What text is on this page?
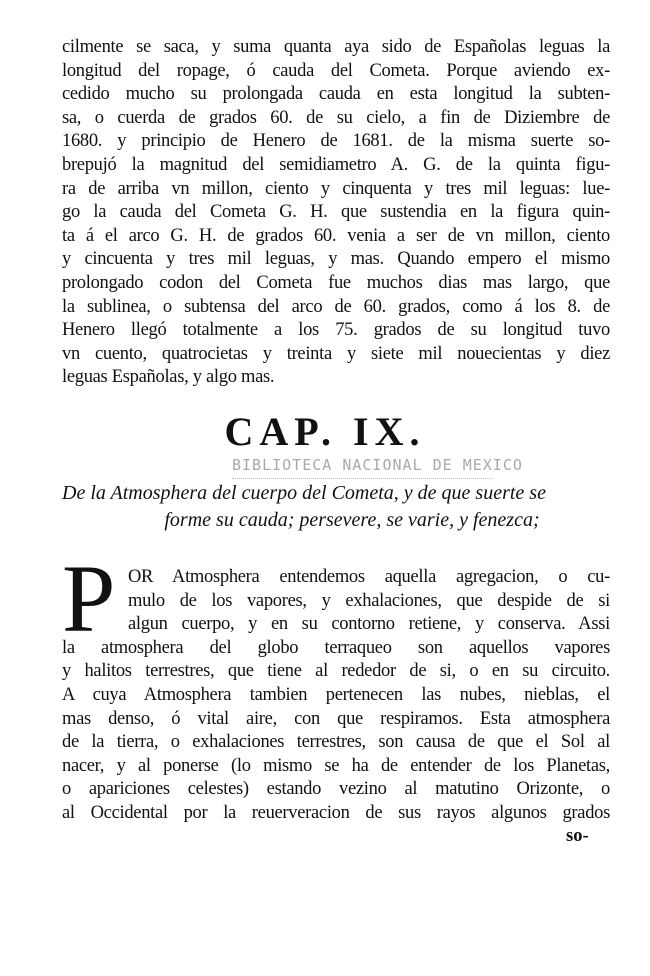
cilmente se saca, y suma quanta aya sido de Españolas leguas la
longitud del ropage, ó cauda del Cometa. Porque aviendo ex-
cedido mucho su prolongada cauda en esta longitud la subten-
sa, o cuerda de grados 60. de su cielo, a fin de Diziembre de
1680. y principio de Henero de 1681. de la misma suerte so-
brepujó la magnitud del semidiametro A. G. de la quinta figu-
ra de arriba vn millon, ciento y cinquenta y tres mil leguas: lue-
go la cauda del Cometa G. H. que sustendia en la figura quin-
ta á el arco G. H. de grados 60. venia a ser de vn millon, ciento
y cincuenta y tres mil leguas, y mas. Quando empero el mismo
prolongado codon del Cometa fue muchos dias mas largo, que
la sublinea, o subtensa del arco de 60. grados, como á los 8. de
Henero llegó totalmente a los 75. grados de su longitud tuvo
vn cuento, quatrocietas y treinta y siete mil nouecientas y diez
leguas Españolas, y algo mas.
CAP. IX.
BIBLIOTECA NACIONAL DE MEXICO
De la Atmosphera del cuerpo del Cometa, y de que suerte se
forme su cauda; persevere, se varie, y fenezca;
P OR Atmosphera entendemos aquella agregacion, o cu-
mulo de los vapores, y exhalaciones, que despide de si
algun cuerpo, y en su contorno retiene, y conserva. Assi
la atmosphera del globo terraqueo son aquellos vapores
y halitos terrestres, que tiene al rededor de si, o en su circuito.
A cuya Atmosphera tambien pertenecen las nubes, nieblas, el
mas denso, ó vital aire, con que respiramos. Esta atmosphera
de la tierra, o exhalaciones terrestres, son causa de que el Sol al
nacer, y al ponerse (lo mismo se ha de entender de los Planetas,
o apariciones celestes) estando vezino al matutino Orizonte, o
al Occidental por la reuerveracion de sus rayos algunos grados
so-
